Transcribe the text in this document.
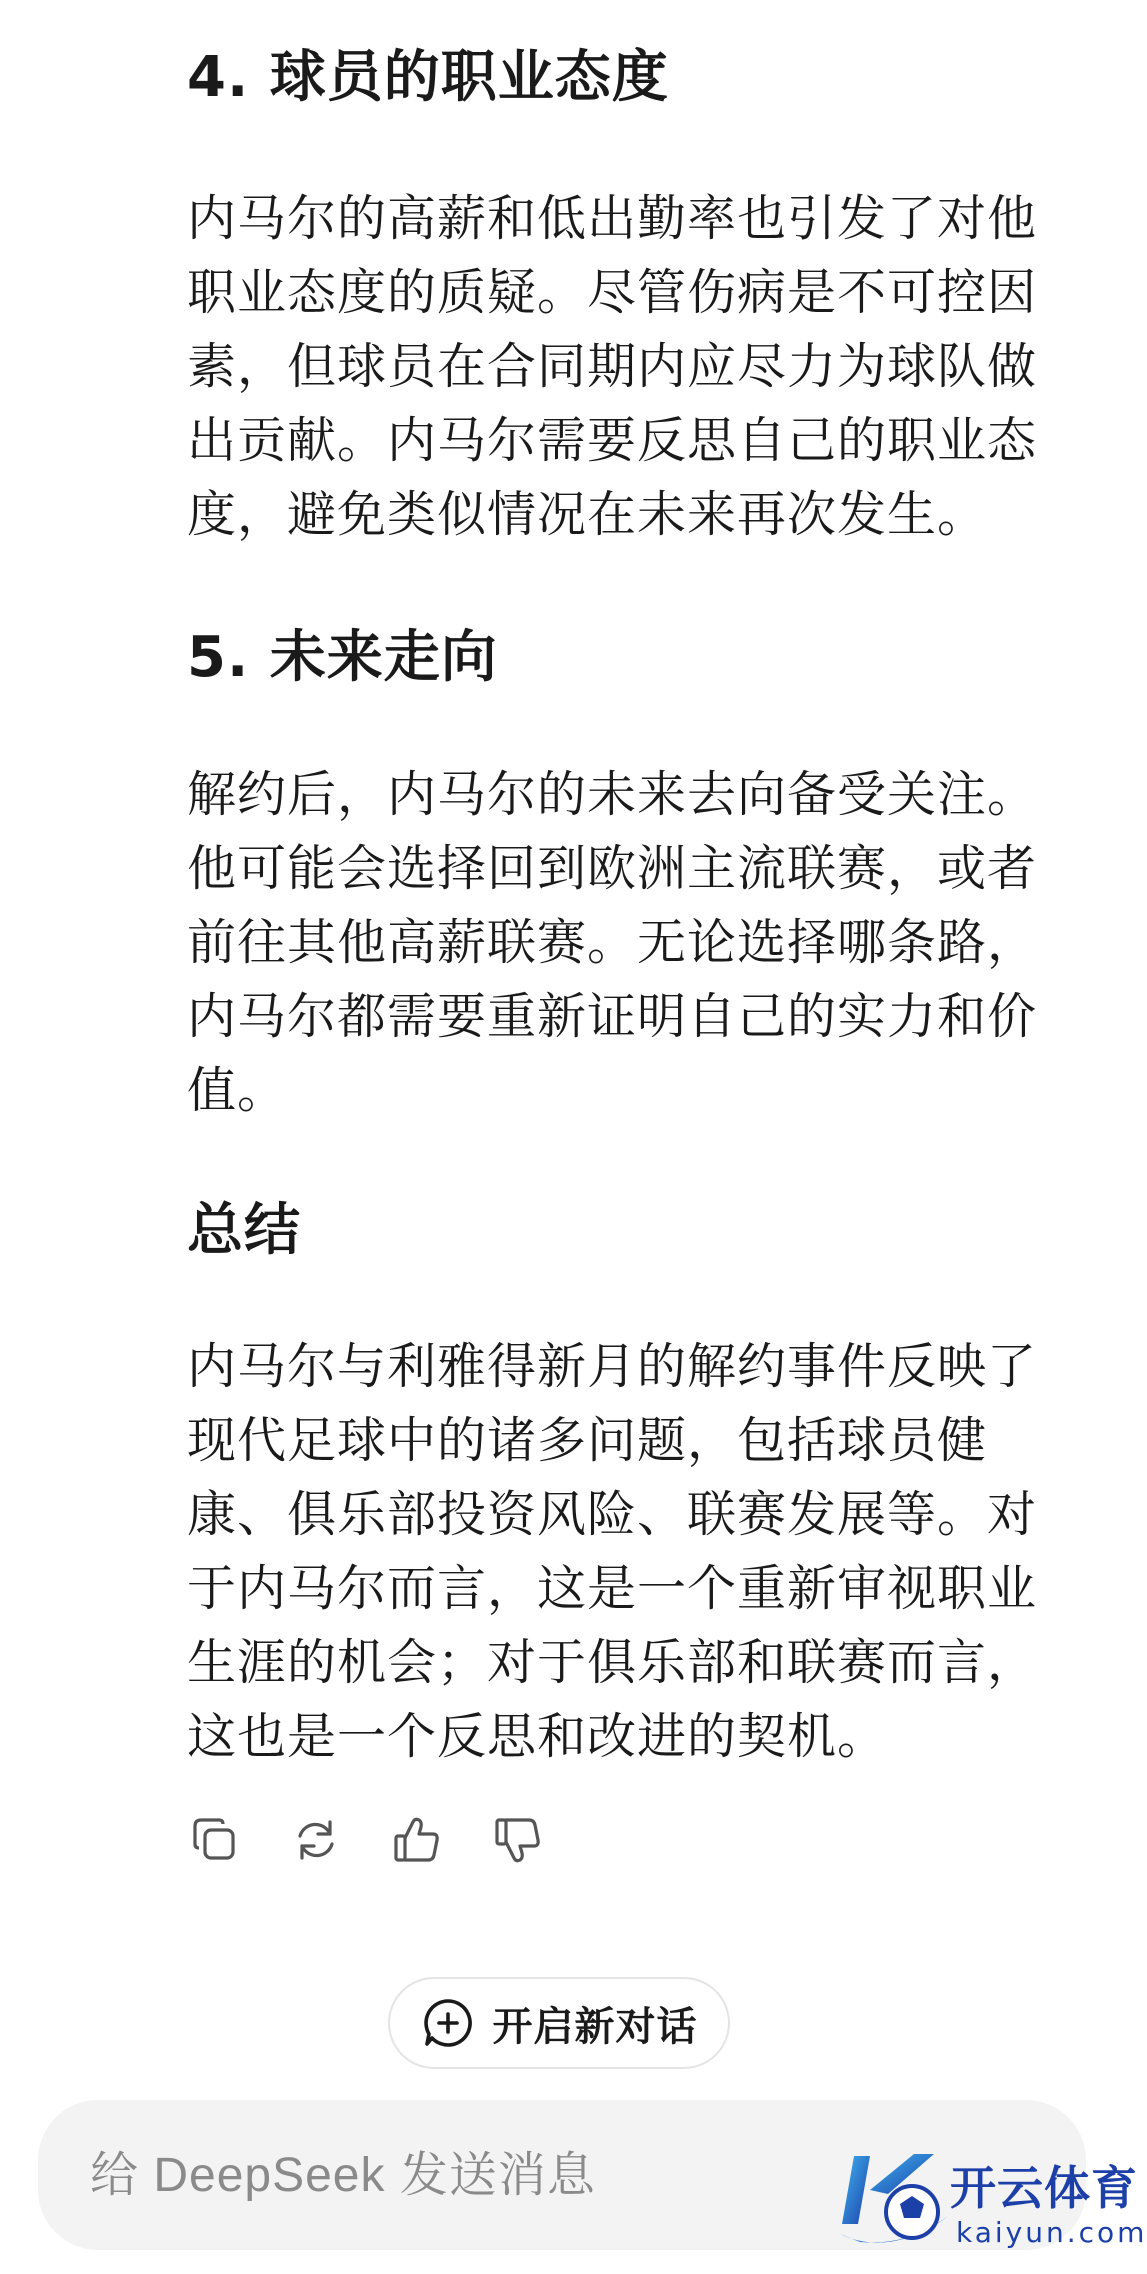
4. 球员的职业态度
内马尔的高薪和低出勤率也引发了对他
职业态度的质疑。尽管伤病是不可控因
素，但球员在合同期内应尽力为球队做
出贡献。内马尔需要反思自己的职业态
度，避免类似情况在未来再次发生。
5. 未来走向
解约后，内马尔的未来去向备受关注。
他可能会选择回到欧洲主流联赛，或者
前往其他高薪联赛。无论选择哪条路，
内马尔都需要重新证明自己的实力和价
值。
总结
内马尔与利雅得新月的解约事件反映了
现代足球中的诸多问题，包括球员健
康、俱乐部投资风险、联赛发展等。对
于内马尔而言，这是一个重新审视职业
生涯的机会；对于俱乐部和联赛而言，
这也是一个反思和改进的契机。
开启新对话
给 DeepSeek 发送消息
开云体育
kaiyun.com
